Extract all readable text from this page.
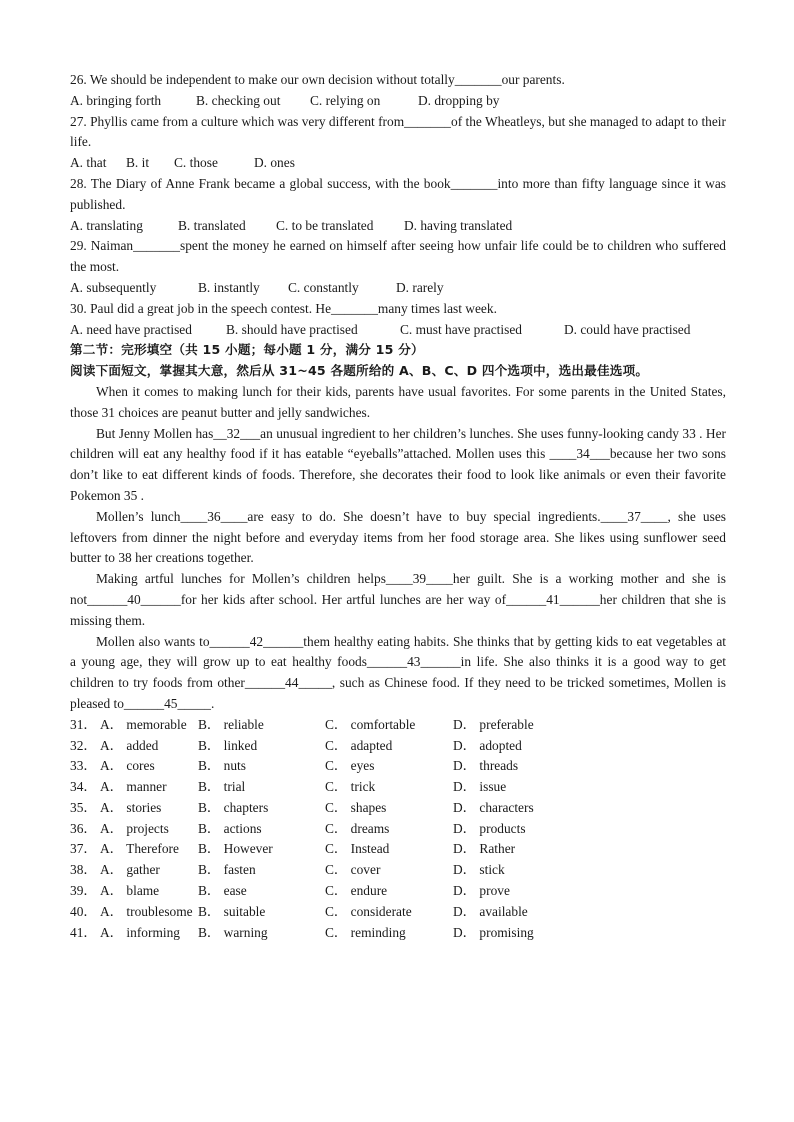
26. We should be independent to make our own decision without totally_______our parents.
A. bringing forth	B. checking out C. relying on	D. dropping by
27. Phyllis came from a culture which was very different from_______of the Wheatleys, but she managed to adapt to their life.
A. that B. it C. those	D. ones
28. The Diary of Anne Frank became a global success, with the book_______into more than fifty language since it was published.
A. translating	B. translated C. to be translated D. having translated
29. Naiman_______spent the money he earned on himself after seeing how unfair life could be to children who suffered the most.
A. subsequently	B. instantly C. constantly	D. rarely
30. Paul did a great job in the speech contest. He_______many times last week.
A. need have practised	B. should have practised	C. must have practised	D. could have practised
第二节：完形填空（共 15 小题；每小题 1 分，满分 15 分）
阅读下面短文，掌握其大意，然后从 31~45 各题所给的 A、B、C、D 四个选项中，选出最佳选项。
When it comes to making lunch for their kids, parents have usual favorites. For some parents in the United States, those 31 choices are peanut butter and jelly sandwiches.
But Jenny Mollen has__32___an unusual ingredient to her children’s lunches. She uses funny-looking candy 33 . Her children will eat any healthy food if it has eatable “eyeballs”attached. Mollen uses this ____34___because her two sons don’t like to eat different kinds of foods. Therefore, she decorates their food to look like animals or even their favorite Pokemon 35 .
Mollen’s lunch____36____are easy to do. She doesn’t have to buy special ingredients.____37____, she uses leftovers from dinner the night before and everyday items from her food storage area. She likes using sunflower seed butter to 38 her creations together.
Making artful lunches for Mollen’s children helps____39____her guilt. She is a working mother and she is not______40______for her kids after school. Her artful lunches are her way of______41______her children that she is missing them.
Mollen also wants to______42______them healthy eating habits. She thinks that by getting kids to eat vegetables at a young age, they will grow up to eat healthy foods______43______in life. She also thinks it is a good way to get children to try foods from other______44_____, such as Chinese food. If they need to be tricked sometimes, Mollen is pleased to______45_____.
31． A． memorable B． reliable	C． comfortable	D． preferable
32． A． added	B． linked	C． adapted	D． adopted
33． A． cores	B． nuts	C． eyes	D． threads
34． A． manner B． trial	C． trick	D． issue
35． A． stories	B． chapters	C． shapes	D． characters
36． A． projects B． actions	C． dreams	D． products
37． A． Therefore B． However	C． Instead	D． Rather
38． A． gather	B． fasten	C． cover	D． stick
39． A． blame	B． ease	C． endure	D． prove
40． A． troublesome B． suitable	C． considerate	D． available
41． A． informing B． warning	C． reminding	D． promising
